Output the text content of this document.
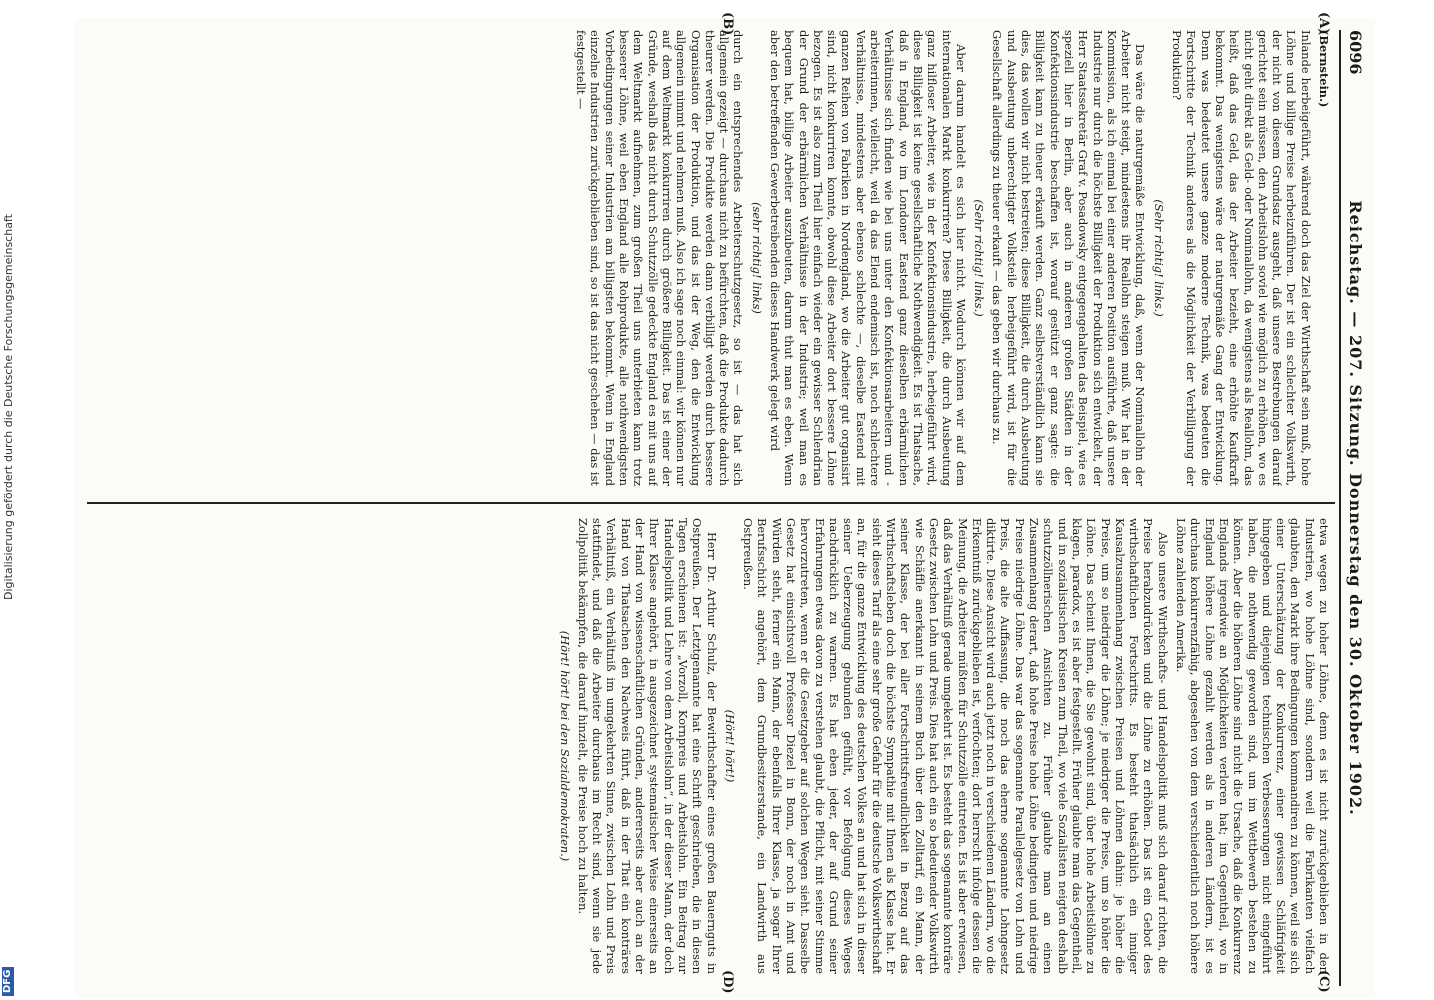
6096
Reichstag. — 207. Sitzung. Donnerstag den 30. Oktober 1902.

(Bernstein.)

Inlande herbeigeführt, während doch das Ziel der Wirthschaft sein muß, hohe Löhne und billige Preise herbeizuführen. Der ist ein schlechter Volkswirth, der nicht von diesem Grundsatz ausgeht, daß unsere Bestrebungen darauf gerichtet sein müssen, den Arbeitslohn soviel wie möglich zu erhöhen, wo es nicht geht direkt als Geld- oder Nominallohn, da wenigstens als Reallohn, das heißt, daß das Geld, das der Arbeiter bezieht, eine erhöhte Kaufkraft bekommt. Das wenigstens wäre der naturgemäße Gang der Entwicklung. Denn was bedeutet unsere ganze moderne Technik, was bedeuten die Fortschritte der Technik anderes als die Möglichkeit der Verbilligung der Produktion?

(Sehr richtig! links.)

Das wäre die naturgemäße Entwicklung, daß, wenn der Nominallohn der Arbeiter nicht steigt, mindestens ihr Reallohn steigen muß. Wir hat in der Kommission, als ich einmal bei einer anderen Position ausführte, daß unsere Industrie nur durch die höchste Billigkeit der Produktion sich entwickelt, der Herr Staatssekretär Graf v. Posadowsky entgegengehalten das Beispiel, wie es speziell hier in Berlin, aber auch in anderen großen Städten in der Konfektionsindustrie beschaffen ist, worauf gestützt er ganz sagte: die Billigkeit kann zu theuer erkauft werden. Ganz selbstverständlich kann sie dies, das wollen wir nicht bestreiten; diese Billigkeit, die durch Ausbeutung und Ausbeutung unberechtigter Volksteile herbeigeführt wird, ist für die Gesellschaft allerdings zu theuer erkauft — das geben wir durchaus zu.

(Sehr richtig! links.)

Aber darum handelt es sich hier nicht. Wodurch können wir auf dem internationalen Markt konkurriren? Diese Billigkeit, die durch Ausbeutung ganz hilfloser Arbeiter, wie in der Konfektionsindustrie, herbeigeführt wird, diese Billigkeit ist keine gesellschaftliche Nothwendigkeit. Es ist Thatsache, daß in England, wo im Londoner Eastend ganz dieselben erbärmlichen Verhältnisse sich finden wie bei uns unter den Konfektionsarbeitern und -arbeiterinnen, vielleicht, weil da das Elend endemisch ist, noch schlechtere Verhältnisse, mindestens aber ebenso schlechte —, dieselbe Eastend mit ganzen Reihen von Fabriken in Nordengland, wo die Arbeiter gut organisirt sind, nicht konkurriren konnte, obwohl diese Arbeiter dort bessere Löhne bezogen. Es ist also zum Theil hier einfach wieder ein gewisser Schlendrian der Grund der erbärmlichen Verhältnisse in der Industrie; weil man es bequem hat, billige Arbeiter auszubeuten, darum thut man es eben. Wenn aber den betreffenden Gewerbetreibenden dieses Handwerk gelegt wird

(sehr richtig! links)

durch ein entsprechendes Arbeiterschutzgesetz, so ist — das hat sich allgemein gezeigt — durchaus nicht zu befürchten, daß die Produkte dadurch theurer werden. Die Produkte werden dann verbilligt werden durch bessere Organisation der Produktion, und das ist der Weg, den die Entwicklung allgemein nimmt und nehmen muß. Also ich sage noch einmal: wir können nur auf dem Weltmarkt konkurriren durch größere Billigkeit. Das ist einer der Gründe, weshalb das nicht durch Schutzzölle gedeckte England es mit uns auf dem Weltmarkt aufnehmen, zum großen Theil uns unterbieten kann trotz besserer Löhne, weil eben England alle Rohprodukte, alle nothwendigsten Vorbedingungen seiner Industrien am billigsten bekommt. Wenn in England einzelne Industrien zurückgeblieben sind, so ist das nicht geschehen — das ist festgestellt —

etwa wegen zu hoher Löhne, denn es ist nicht zurückgeblieben in den Industrien, wo hohe Löhne sind, sondern weil die Fabrikanten vielfach glaubten, den Markt ihre Bedingungen kommandiren zu können, weil sie sich einer Unterschätzung der Konkurrenz, einer gewissen Schläfrigkeit hingegeben und diejenigen technischen Verbesserungen nicht eingeführt haben, die nothwendig geworden sind, um im Wettbewerb bestehen zu können. Aber die höheren Löhne sind nicht die Ursache, daß die Konkurrenz Englands irgendwie an Möglichkeiten verloren hat; im Gegentheil, wo in England höhere Löhne gezahlt werden als in anderen Ländern, ist es durchaus konkurrenzfähig, abgesehen von dem verschiedentlich noch höhere Löhne zahlenden Amerika.

Also unsere Wirthschafts- und Handelspolitik muß sich darauf richten, die Preise herabzudrücken und die Löhne zu erhöhen. Das ist ein Gebot des wirthschaftlichen Fortschritts. Es besteht thatsächlich ein inniger Kausalzusammenhang zwischen Preisen und Löhnen dahin: je höher die Preise, um so niedriger die Löhne; je niedriger die Preise, um so höher die Löhne. Das scheint Ihnen, die Sie gewohnt sind, über hohe Arbeitslöhne zu klagen, paradox, es ist aber festgestellt. Früher glaubte man das Gegentheil, und in sozialistischen Kreisen zum Theil, wo viele Sozialisten neigten deshalb schutzzöllnerischen Ansichten zu. Früher glaubte man an einen Zusammenhang derart, daß hohe Preise hohe Löhne bedingten und niedrige Preise niedrige Löhne. Das war das sogenannte Parallelgesetz von Lohn und Preis, die alte Auffassung, die noch das eherne sogenannte Lohngesetz diktirte. Diese Ansicht wird auch jetzt noch in verschiedenen Ländern, wo die Erkenntniß zurückgeblieben ist, verfochten; dort herrscht infolge dessen die Meinung, die Arbeiter müßten für Schutzzölle eintreten. Es ist aber erwiesen, daß das Verhältniß gerade umgekehrt ist. Es besteht das sogenannte konträre Gesetz zwischen Lohn und Preis. Dies hat auch ein so bedeutender Volkswirth wie Schäffle anerkannt in seinem Buch über den Zolltarif, ein Mann, der seiner Klasse, der bei aller Fortschrittsfreundlichkeit in Bezug auf das Wirthschaftsleben doch die höchste Sympathie mit Ihnen als Klasse hat. Er sieht dieses Tarif als eine sehr große Gefahr für die deutsche Volkswirthschaft an, für die ganze Entwicklung des deutschen Volkes an und hat sich in dieser seiner Ueberzeugung gebunden gefühlt, vor Befolgung dieses Weges nachdrücklich zu warnen. Es hat eben jeder, der auf Grund seiner Erfahrungen etwas davon zu verstehen glaubt, die Pflicht, mit seiner Stimme hervorzutreten, wenn er die Gesetzgeber auf solchen Wegen sieht. Dasselbe Gesetz hat einsichtsvoll Professor Diezel in Bonn, der noch in Amt und Würden steht, ferner ein Mann, der ebenfalls Ihrer Klasse, ja sogar Ihrer Berufsschicht angehört, dem Grundbesitzerstande, ein Landwirth aus Ostpreußen.

(Hört! hört!)

Herr Dr. Arthur Schulz, der Bewirthschafter eines großen Bauernguts in Ostpreußen. Der Letztgenannte hat eine Schrift geschrieben, die in diesen Tagen erschienen ist: „Vorzoll, Kornpreis und Arbeitslohn. Ein Beitrag zur Handelspolitik und Lehre von dem Arbeitslohn“, in der dieser Mann, der doch Ihrer Klasse angehört, in ausgezeichnet systematischer Weise einerseits an der Hand von wissenschaftlichen Gründen, andererseits aber auch an der Hand von Thatsachen den Nachweis führt, daß in der That ein konträres Verhältniß, ein Verhältniß im umgekehrten Sinne, zwischen Lohn und Preis stattfindet, und daß die Arbeiter durchaus im Recht sind, wenn sie jede Zollpolitik bekämpfen, die darauf hinzielt, die Preise hoch zu halten.

(Hört! hört! bei den Sozialdemokraten.)

(A)
(B)
(C)
(D)
Digitalisierung gefördert durch die Deutsche Forschungsgemeinschaft
DFG
